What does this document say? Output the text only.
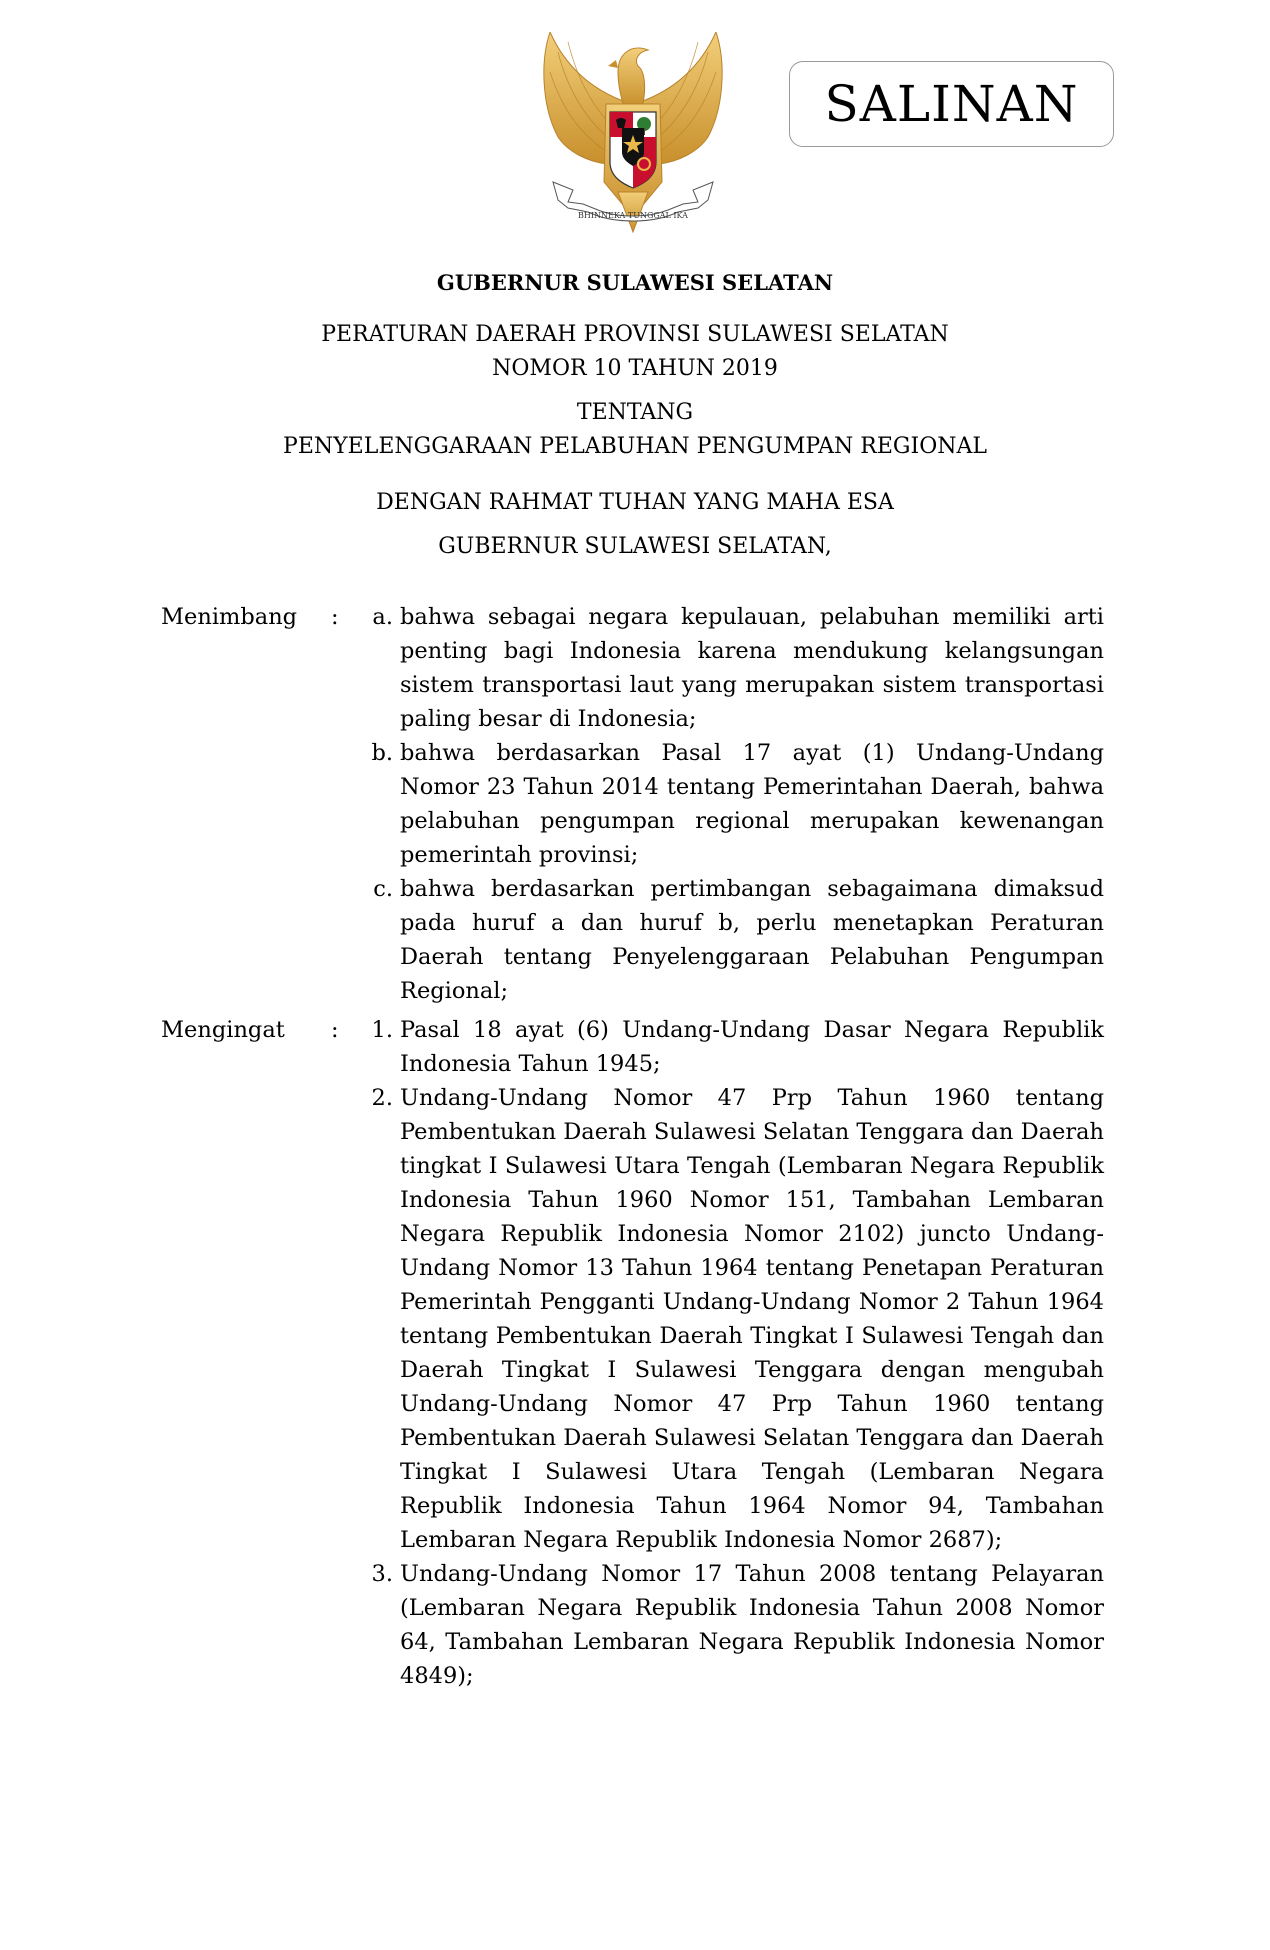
BHINNEKA TUNGGAL IKA
SALINAN
GUBERNUR SULAWESI SELATAN
PERATURAN DAERAH PROVINSI SULAWESI SELATAN
NOMOR 10 TAHUN 2019
TENTANG
PENYELENGGARAAN PELABUHAN PENGUMPAN REGIONAL
DENGAN RAHMAT TUHAN YANG MAHA ESA
GUBERNUR SULAWESI SELATAN,
Menimbang	:	a. bahwa sebagai negara kepulauan, pelabuhan memiliki arti penting bagi Indonesia karena mendukung kelangsungan sistem transportasi laut yang merupakan sistem transportasi paling besar di Indonesia;
b. bahwa berdasarkan Pasal 17 ayat (1) Undang-Undang Nomor 23 Tahun 2014 tentang Pemerintahan Daerah, bahwa pelabuhan pengumpan regional merupakan kewenangan pemerintah provinsi;
c. bahwa berdasarkan pertimbangan sebagaimana dimaksud pada huruf a dan huruf b, perlu menetapkan Peraturan Daerah tentang Penyelenggaraan Pelabuhan Pengumpan Regional;
Mengingat	:	1. Pasal 18 ayat (6) Undang-Undang Dasar Negara Republik Indonesia Tahun 1945;
2. Undang-Undang Nomor 47 Prp Tahun 1960 tentang Pembentukan Daerah Sulawesi Selatan Tenggara dan Daerah tingkat I Sulawesi Utara Tengah (Lembaran Negara Republik Indonesia Tahun 1960 Nomor 151, Tambahan Lembaran Negara Republik Indonesia Nomor 2102) juncto Undang-Undang Nomor 13 Tahun 1964 tentang Penetapan Peraturan Pemerintah Pengganti Undang-Undang Nomor 2 Tahun 1964 tentang Pembentukan Daerah Tingkat I Sulawesi Tengah dan Daerah Tingkat I Sulawesi Tenggara dengan mengubah Undang-Undang Nomor 47 Prp Tahun 1960 tentang Pembentukan Daerah Sulawesi Selatan Tenggara dan Daerah Tingkat I Sulawesi Utara Tengah (Lembaran Negara Republik Indonesia Tahun 1964 Nomor 94, Tambahan Lembaran Negara Republik Indonesia Nomor 2687);
3. Undang-Undang Nomor 17 Tahun 2008 tentang Pelayaran (Lembaran Negara Republik Indonesia Tahun 2008 Nomor 64, Tambahan Lembaran Negara Republik Indonesia Nomor 4849);
